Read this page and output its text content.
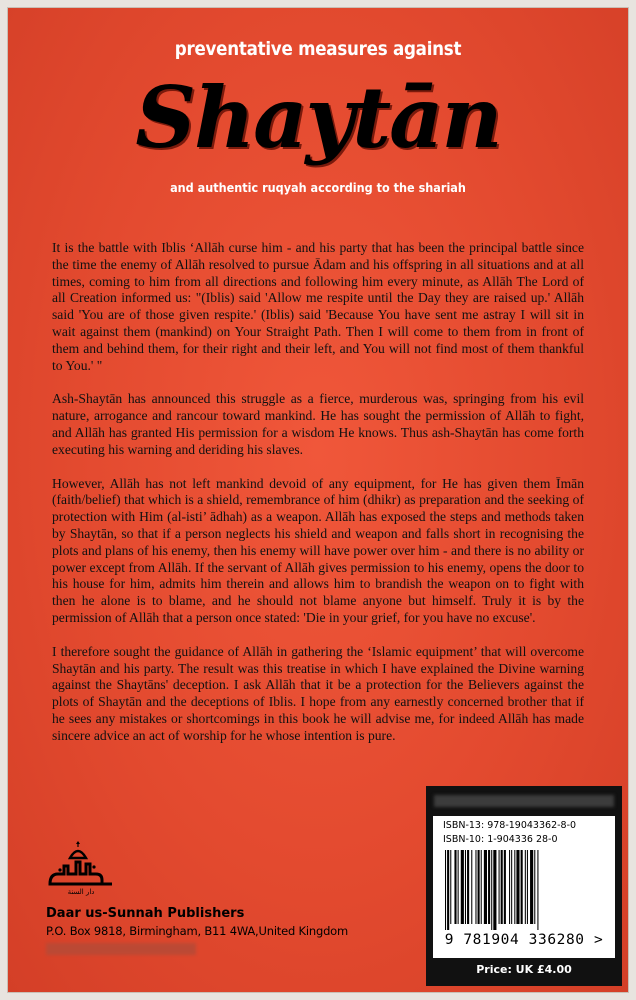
preventative measures against
Shaytān
and authentic ruqyah according to the shariah

It is the battle with Iblis ‘Allāh curse him - and his party that has been the principal battle since the time the enemy of Allāh resolved to pursue Ādam and his offspring in all situations and at all times, coming to him from all directions and following him every minute, as Allāh The Lord of all Creation informed us: "(Iblis) said 'Allow me respite until the Day they are raised up.' Allāh said 'You are of those given respite.' (Iblis) said 'Because You have sent me astray I will sit in wait against them (mankind) on Your Straight Path. Then I will come to them from in front of them and behind them, for their right and their left, and You will not find most of them thankful to You.' "

Ash-Shaytān has announced this struggle as a fierce, murderous was, springing from his evil nature, arrogance and rancour toward mankind. He has sought the permission of Allāh to fight, and Allāh has granted His permission for a wisdom He knows. Thus ash-Shaytān has come forth executing his warning and deriding his slaves.

However, Allāh has not left mankind devoid of any equipment, for He has given them Īmān (faith/belief) that which is a shield, remembrance of him (dhikr) as preparation and the seeking of protection with Him (al-isti’ ādhah) as a weapon. Allāh has exposed the steps and methods taken by Shaytān, so that if a person neglects his shield and weapon and falls short in recognising the plots and plans of his enemy, then his enemy will have power over him - and there is no ability or power except from Allāh. If the servant of Allāh gives permission to his enemy, opens the door to his house for him, admits him therein and allows him to brandish the weapon on to fight with then he alone is to blame, and he should not blame anyone but himself. Truly it is by the permission of Allāh that a person once stated: 'Die in your grief, for you have no excuse'.

I therefore sought the guidance of Allāh in gathering the ‘Islamic equipment’ that will overcome Shaytān and his party. The result was this treatise in which I have explained the Divine warning against the Shaytāns' deception. I ask Allāh that it be a protection for the Believers against the plots of Shaytān and the deceptions of Iblis. I hope from any earnestly concerned brother that if he sees any mistakes or shortcomings in this book he will advise me, for indeed Allāh has made sincere advice an act of worship for he whose intention is pure.

دار السنة
Daar us-Sunnah Publishers
P.O. Box 9818, Birmingham, B11 4WA,United Kingdom
ISBN-13: 978-19043362-8-0
ISBN-10: 1-904336 28-0
9 781904 336280 >
Price: UK £4.00
